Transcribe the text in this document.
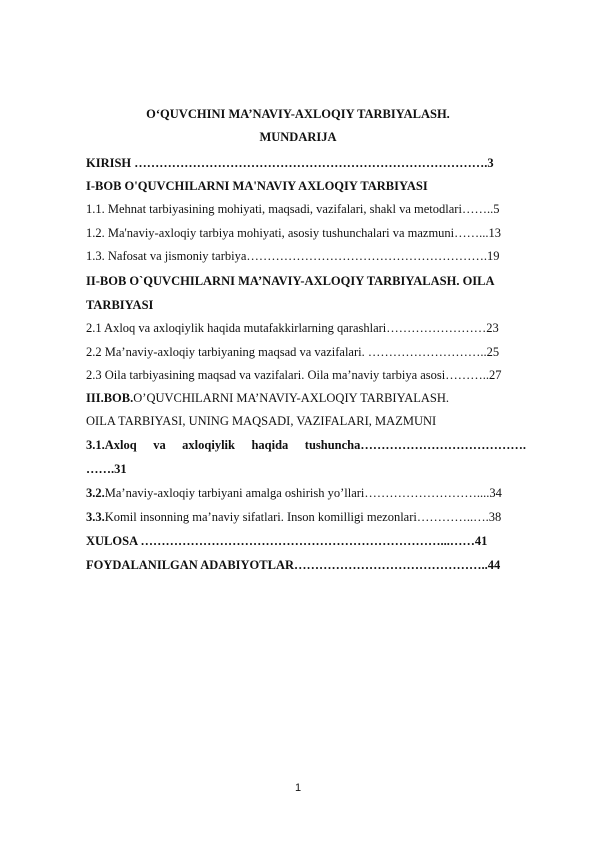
O‘QUVCHINI MA’NAVIY-AXLOQIY TARBIYALASH.
MUNDARIJA
KIRISH ………………………………………………………………………….3
I-BOB O'QUVCHILARNI MA'NAVIY AXLOQIY TARBIYASI
1.1. Mehnat tarbiyasining mohiyati, maqsadi, vazifalari, shakl va metodlari……..5
1.2. Ma'naviy-axloqiy tarbiya mohiyati, asosiy tushunchalari va mazmuni……...13
1.3. Nafosat va jismoniy tarbiya………………………………………………….19
II-BOB O`QUVCHILARNI MA’NAVIY-AXLOQIY TARBIYALASH. OILA
TARBIYASI
2.1 Axloq va axloqiylik haqida mutafakkirlarning qarashlari……………………23
2.2 Ma’naviy-axloqiy tarbiyaning maqsad va vazifalari. ………………………..25
2.3 Oila tarbiyasining maqsad va vazifalari. Oila ma’naviy tarbiya asosi………..27
III.BOB.O’QUVCHILARNI MA’NAVIY-AXLOQIY TARBIYALASH.
OILA TARBIYASI, UNING MAQSADI, VAZIFALARI, MAZMUNI
3.1.Axloq va axloqiylik haqida tushuncha………………………………….
…….31
3.2.Ma’naviy-axloqiy tarbiyani amalga oshirish yo’llari………………………....34
3.3.Komil insonning ma’naviy sifatlari. Inson komilligi mezonlari…………..….38
XULOSA ………………………………………………………………...……41
FOYDALANILGAN ADABIYOTLAR………………………………………..44
1
